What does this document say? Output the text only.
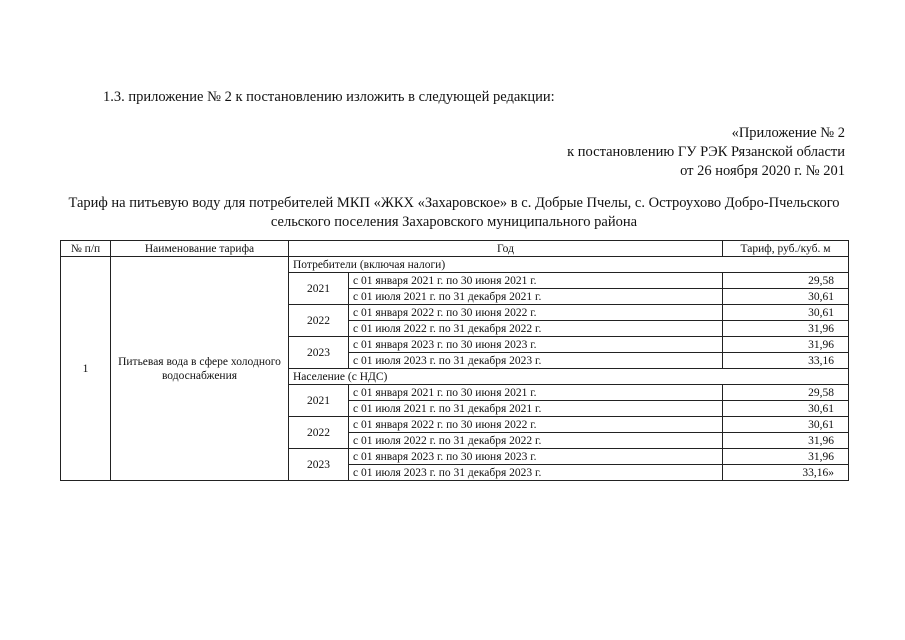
1.3. приложение № 2 к постановлению изложить в следующей редакции:
«Приложение № 2
к постановлению ГУ РЭК Рязанской области
от 26 ноября 2020 г. № 201
Тариф на питьевую воду для потребителей МКП «ЖКХ «Захаровское» в с. Добрые Пчелы, с. Остроухово Добро-Пчельского сельского поселения Захаровского муниципального района
№ п/п	Наименование тарифа	Год		Тариф, руб./куб. м
1	Питьевая вода в сфере холодного водоснабжения	Потребители (включая налоги)		
		2021	с 01 января 2021 г. по 30 июня 2021 г.	29,58
			с 01 июля 2021 г. по 31 декабря 2021 г.	30,61
		2022	с 01 января 2022 г. по 30 июня 2022 г.	30,61
			с 01 июля 2022 г. по 31 декабря 2022 г.	31,96
		2023	с 01 января 2023 г. по 30 июня 2023 г.	31,96
			с 01 июля 2023 г. по 31 декабря 2023 г.	33,16
		Население (с НДС)		
		2021	с 01 января 2021 г. по 30 июня 2021 г.	29,58
			с 01 июля 2021 г. по 31 декабря 2021 г.	30,61
		2022	с 01 января 2022 г. по 30 июня 2022 г.	30,61
			с 01 июля 2022 г. по 31 декабря 2022 г.	31,96
		2023	с 01 января 2023 г. по 30 июня 2023 г.	31,96
			с 01 июля 2023 г. по 31 декабря 2023 г.	33,16»
